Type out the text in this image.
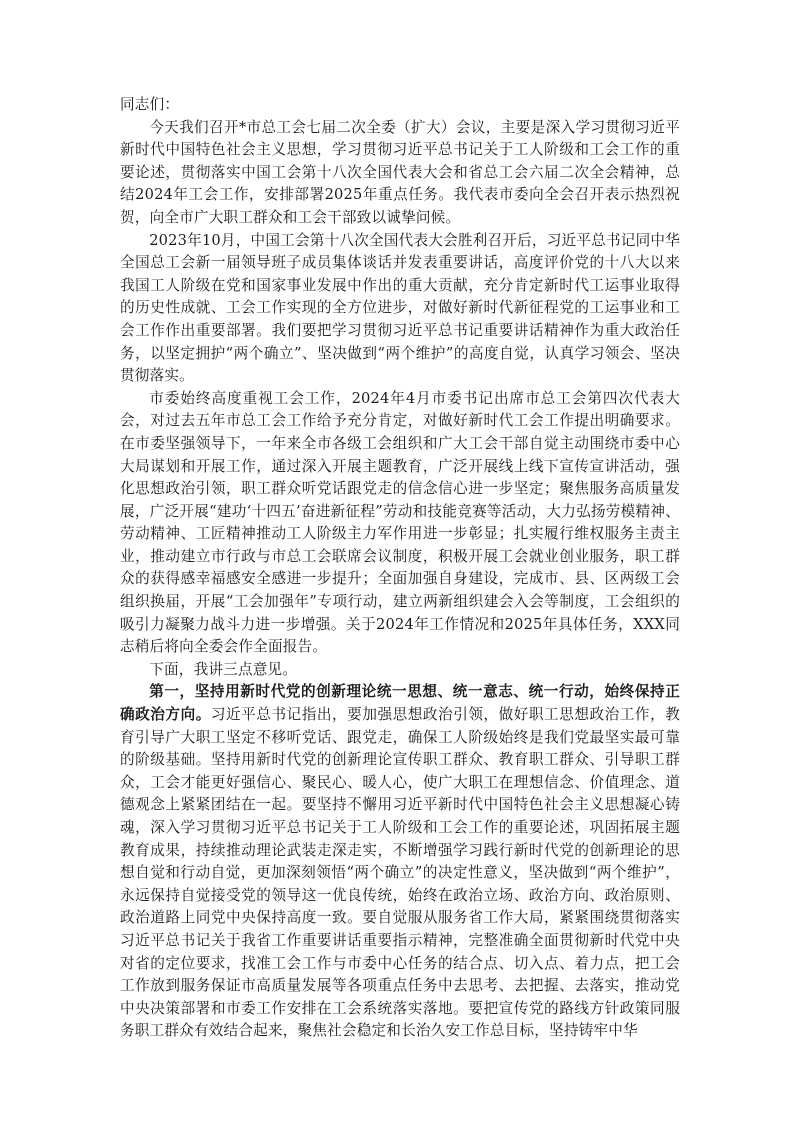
同志们：

今天我们召开*市总工会七届二次全委（扩大）会议，主要是深入学习贯彻习近平新时代中国特色社会主义思想，学习贯彻习近平总书记关于工人阶级和工会工作的重要论述，贯彻落实中国工会第十八次全国代表大会和省总工会六届二次全会精神，总结2024年工会工作，安排部署2025年重点任务。我代表市委向全会召开表示热烈祝贺，向全市广大职工群众和工会干部致以诚挚问候。

2023年10月，中国工会第十八次全国代表大会胜利召开后，习近平总书记同中华全国总工会新一届领导班子成员集体谈话并发表重要讲话，高度评价党的十八大以来我国工人阶级在党和国家事业发展中作出的重大贡献，充分肯定新时代工运事业取得的历史性成就、工会工作实现的全方位进步，对做好新时代新征程党的工运事业和工会工作作出重要部署。我们要把学习贯彻习近平总书记重要讲话精神作为重大政治任务，以坚定拥护“两个确立”、坚决做到“两个维护”的高度自觉，认真学习领会、坚决贯彻落实。

市委始终高度重视工会工作，2024年4月市委书记出席市总工会第四次代表大会，对过去五年市总工会工作给予充分肯定，对做好新时代工会工作提出明确要求。在市委坚强领导下，一年来全市各级工会组织和广大工会干部自觉主动围绕市委中心大局谋划和开展工作，通过深入开展主题教育，广泛开展线上线下宣传宣讲活动，强化思想政治引领，职工群众听党话跟党走的信念信心进一步坚定；聚焦服务高质量发展，广泛开展“建功‘十四五’奋进新征程”劳动和技能竞赛等活动，大力弘扬劳模精神、劳动精神、工匠精神推动工人阶级主力军作用进一步彰显；扎实履行维权服务主责主业，推动建立市行政与市总工会联席会议制度，积极开展工会就业创业服务，职工群众的获得感幸福感安全感进一步提升；全面加强自身建设，完成市、县、区两级工会组织换届，开展“工会加强年”专项行动，建立两新组织建会入会等制度，工会组织的吸引力凝聚力战斗力进一步增强。关于2024年工作情况和2025年具体任务，XXX同志稍后将向全委会作全面报告。

下面，我讲三点意见。

第一，坚持用新时代党的创新理论统一思想、统一意志、统一行动，始终保持正确政治方向。习近平总书记指出，要加强思想政治引领，做好职工思想政治工作，教育引导广大职工坚定不移听党话、跟党走，确保工人阶级始终是我们党最坚实最可靠的阶级基础。坚持用新时代党的创新理论宣传职工群众、教育职工群众、引导职工群众，工会才能更好强信心、聚民心、暖人心，使广大职工在理想信念、价值理念、道德观念上紧紧团结在一起。要坚持不懈用习近平新时代中国特色社会主义思想凝心铸魂，深入学习贯彻习近平总书记关于工人阶级和工会工作的重要论述，巩固拓展主题教育成果，持续推动理论武装走深走实，不断增强学习践行新时代党的创新理论的思想自觉和行动自觉，更加深刻领悟“两个确立”的决定性意义，坚决做到“两个维护”，永远保持自觉接受党的领导这一优良传统，始终在政治立场、政治方向、政治原则、政治道路上同党中央保持高度一致。要自觉服从服务省工作大局，紧紧围绕贯彻落实习近平总书记关于我省工作重要讲话重要指示精神，完整准确全面贯彻新时代党中央对省的定位要求，找准工会工作与市委中心任务的结合点、切入点、着力点，把工会工作放到服务保证市高质量发展等各项重点任务中去思考、去把握、去落实，推动党中央决策部署和市委工作安排在工会系统落实落地。要把宣传党的路线方针政策同服务职工群众有效结合起来，聚焦社会稳定和长治久安工作总目标，坚持铸牢中华
